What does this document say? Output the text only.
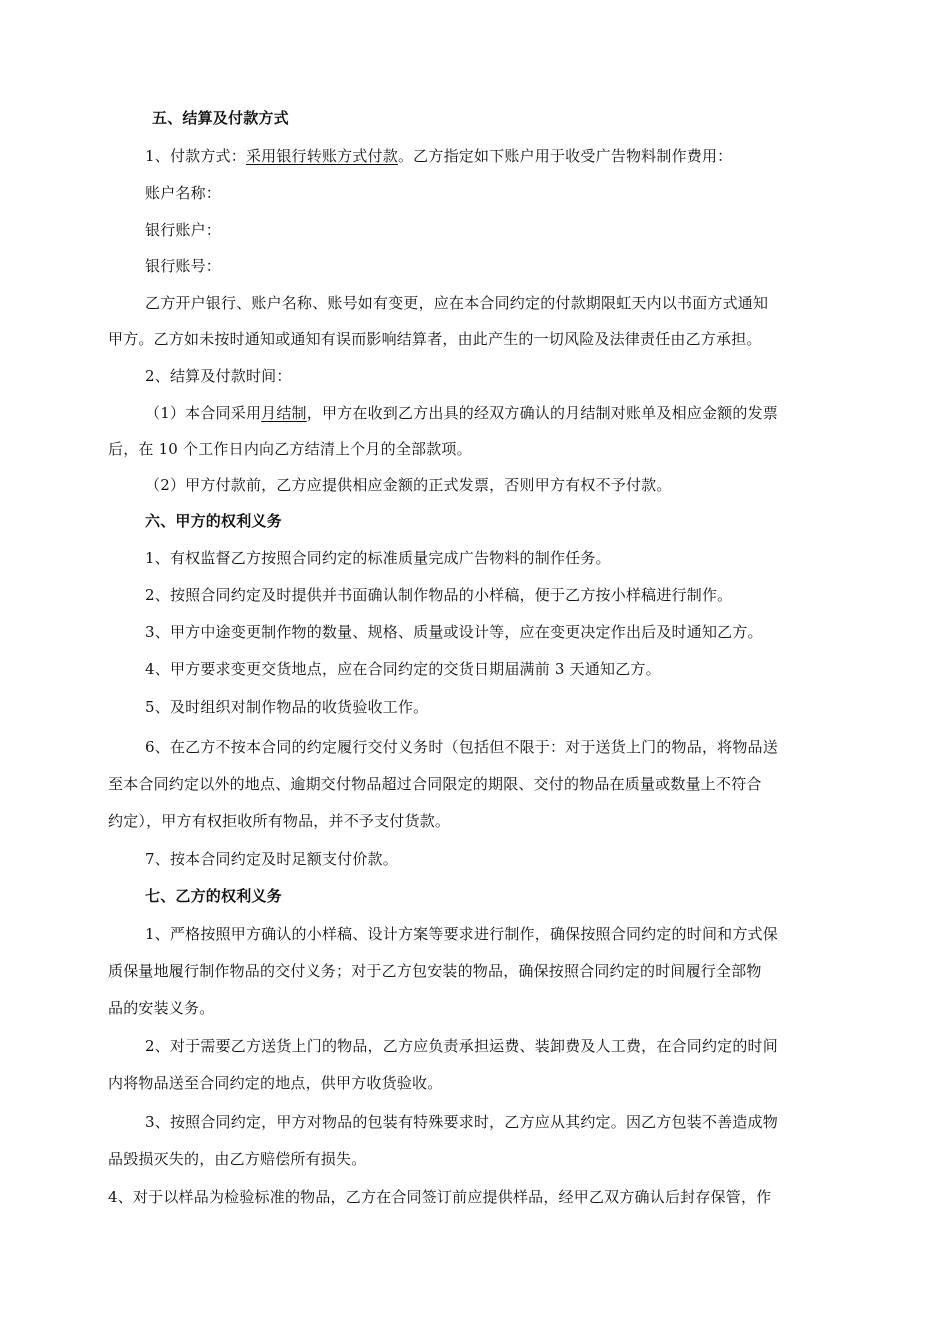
五、结算及付款方式
1、付款方式：采用银行转账方式付款。乙方指定如下账户用于收受广告物料制作费用：
账户名称：
银行账户：
银行账号：
乙方开户银行、账户名称、账号如有变更，应在本合同约定的付款期限虹天内以书面方式通知
甲方。乙方如未按时通知或通知有误而影响结算者，由此产生的一切风险及法律责任由乙方承担。
2、结算及付款时间：
（1）本合同采用月结制，甲方在收到乙方出具的经双方确认的月结制对账单及相应金额的发票
后，在 10 个工作日内向乙方结清上个月的全部款项。
（2）甲方付款前，乙方应提供相应金额的正式发票，否则甲方有权不予付款。
六、甲方的权利义务
1、有权监督乙方按照合同约定的标准质量完成广告物料的制作任务。
2、按照合同约定及时提供并书面确认制作物品的小样稿，便于乙方按小样稿进行制作。
3、甲方中途变更制作物的数量、规格、质量或设计等，应在变更决定作出后及时通知乙方。
4、甲方要求变更交货地点，应在合同约定的交货日期届满前 3 天通知乙方。
5、及时组织对制作物品的收货验收工作。
6、在乙方不按本合同的约定履行交付义务时（包括但不限于：对于送货上门的物品，将物品送
至本合同约定以外的地点、逾期交付物品超过合同限定的期限、交付的物品在质量或数量上不符合
约定），甲方有权拒收所有物品，并不予支付货款。
7、按本合同约定及时足额支付价款。
七、乙方的权利义务
1、严格按照甲方确认的小样稿、设计方案等要求进行制作，确保按照合同约定的时间和方式保
质保量地履行制作物品的交付义务；对于乙方包安装的物品，确保按照合同约定的时间履行全部物
品的安装义务。
2、对于需要乙方送货上门的物品，乙方应负责承担运费、装卸费及人工费，在合同约定的时间
内将物品送至合同约定的地点，供甲方收货验收。
3、按照合同约定，甲方对物品的包装有特殊要求时，乙方应从其约定。因乙方包装不善造成物
品毁损灭失的，由乙方赔偿所有损失。
4、对于以样品为检验标准的物品，乙方在合同签订前应提供样品，经甲乙双方确认后封存保管，作
